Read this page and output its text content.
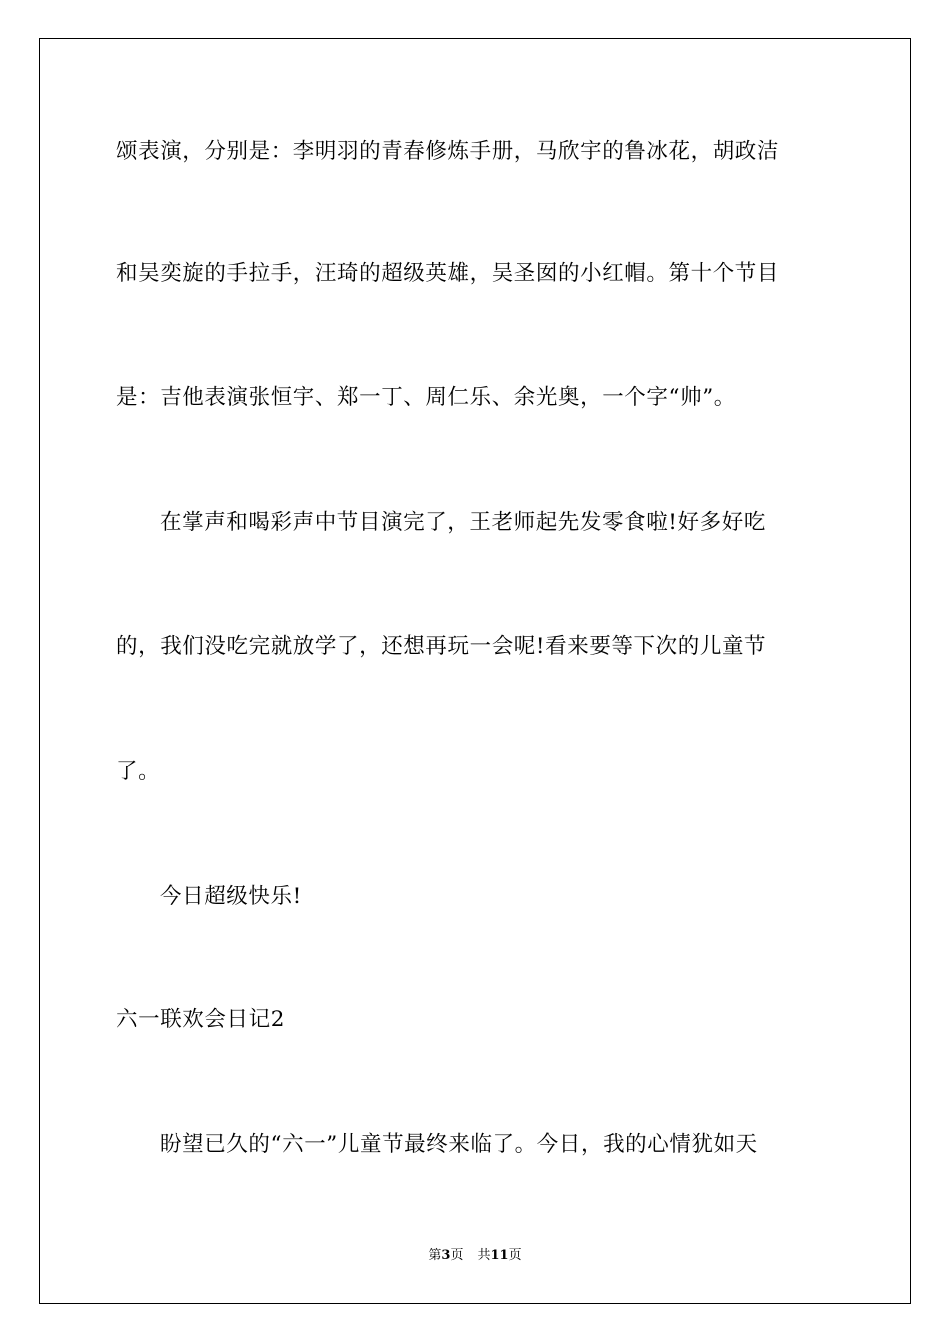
颂表演，分别是：李明羽的青春修炼手册，马欣宇的鲁冰花，胡政洁
和吴奕旋的手拉手，汪琦的超级英雄，吴圣囡的小红帽。第十个节目
是：吉他表演张恒宇、郑一丁、周仁乐、余光奥，一个字“帅”。
在掌声和喝彩声中节目演完了，王老师起先发零食啦!好多好吃
的，我们没吃完就放学了，还想再玩一会呢!看来要等下次的儿童节
了。
今日超级快乐!
六一联欢会日记2
盼望已久的“六一”儿童节最终来临了。今日，我的心情犹如天
第3页 共11页
